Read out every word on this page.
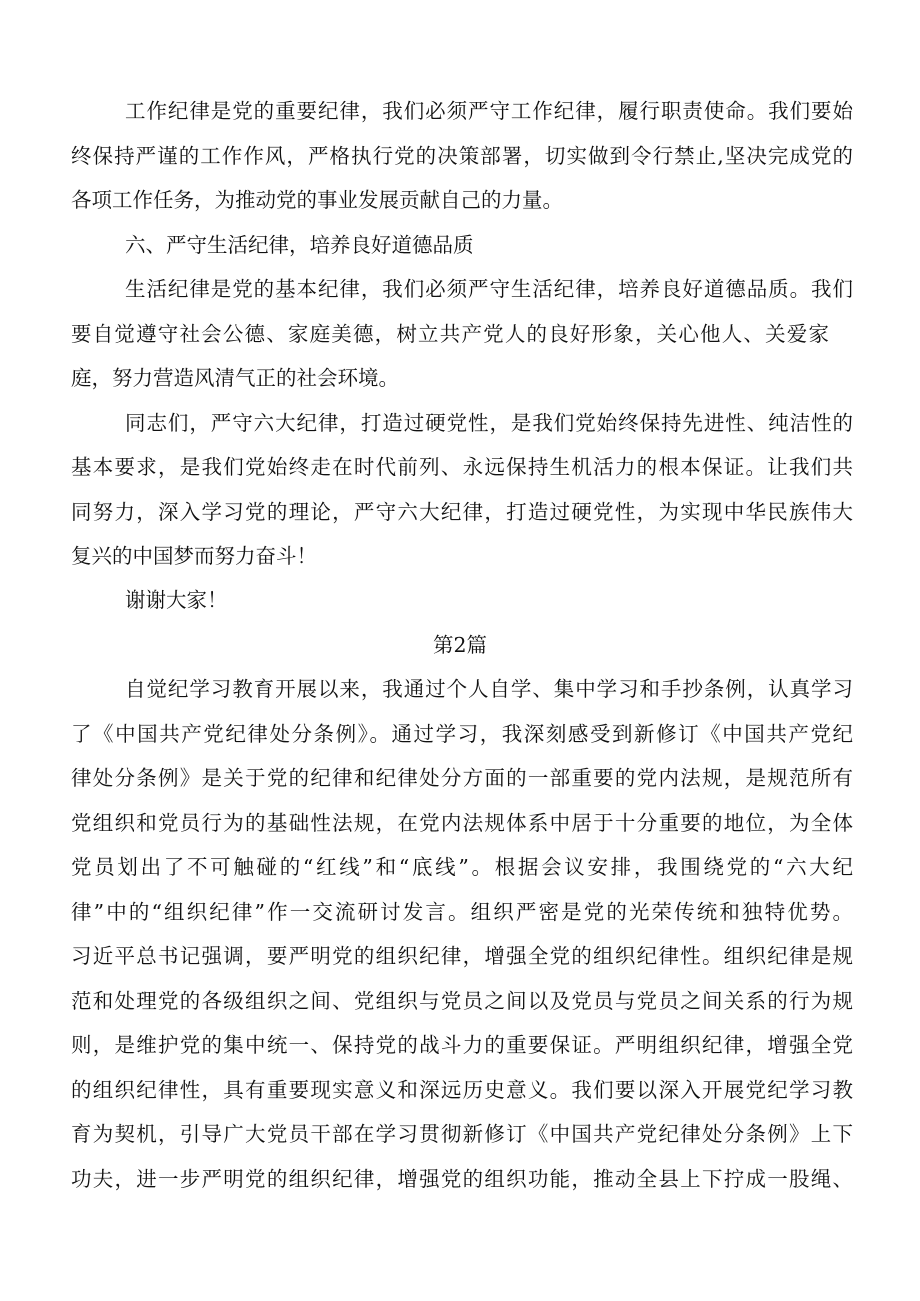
工作纪律是党的重要纪律，我们必须严守工作纪律，履行职责使命。我们要始

终保持严谨的工作作风，严格执行党的决策部署，切实做到令行禁止,坚决完成党的

各项工作任务，为推动党的事业发展贡献自己的力量。

六、严守生活纪律，培养良好道德品质

生活纪律是党的基本纪律，我们必须严守生活纪律，培养良好道德品质。我们

要自觉遵守社会公德、家庭美德，树立共产党人的良好形象，关心他人、关爱家

庭，努力营造风清气正的社会环境。

同志们，严守六大纪律，打造过硬党性，是我们党始终保持先进性、纯洁性的

基本要求，是我们党始终走在时代前列、永远保持生机活力的根本保证。让我们共

同努力，深入学习党的理论，严守六大纪律，打造过硬党性，为实现中华民族伟大

复兴的中国梦而努力奋斗！

谢谢大家！

第2篇

自觉纪学习教育开展以来，我通过个人自学、集中学习和手抄条例，认真学习

了《中国共产党纪律处分条例》。通过学习，我深刻感受到新修订《中国共产党纪

律处分条例》是关于党的纪律和纪律处分方面的一部重要的党内法规，是规范所有

党组织和党员行为的基础性法规，在党内法规体系中居于十分重要的地位，为全体

党员划出了不可触碰的“红线”和“底线”。根据会议安排，我围绕党的“六大纪

律”中的“组织纪律”作一交流研讨发言。组织严密是党的光荣传统和独特优势。

习近平总书记强调，要严明党的组织纪律，增强全党的组织纪律性。组织纪律是规

范和处理党的各级组织之间、党组织与党员之间以及党员与党员之间关系的行为规

则，是维护党的集中统一、保持党的战斗力的重要保证。严明组织纪律，增强全党

的组织纪律性，具有重要现实意义和深远历史意义。我们要以深入开展党纪学习教

育为契机，引导广大党员干部在学习贯彻新修订《中国共产党纪律处分条例》上下

功夫，进一步严明党的组织纪律，增强党的组织功能，推动全县上下拧成一股绳、
